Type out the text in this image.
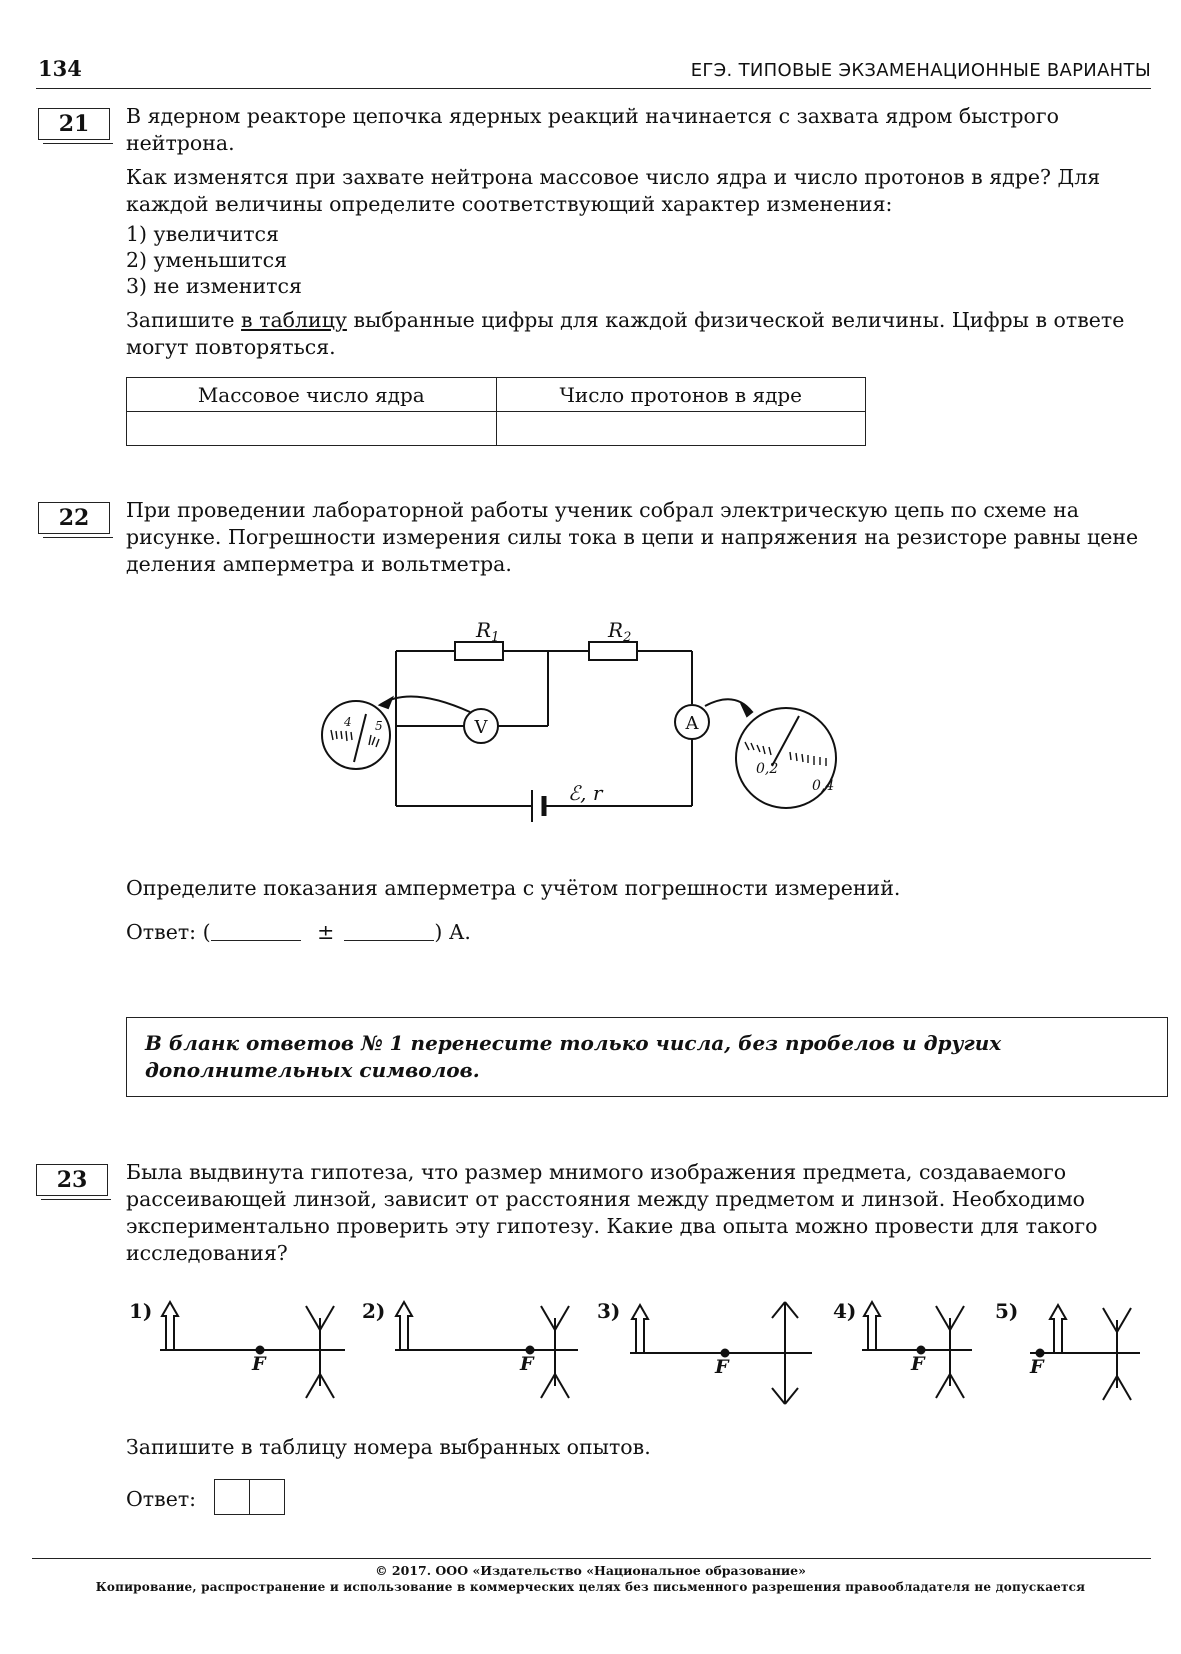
134	ЕГЭ. ТИПОВЫЕ ЭКЗАМЕНАЦИОННЫЕ ВАРИАНТЫ
21	В ядерном реакторе цепочка ядерных реакций начинается с захвата ядром быстрого нейтрона.
Как изменятся при захвате нейтрона массовое число ядра и число протонов в ядре? Для каждой величины определите соответствующий характер изменения:
1) увеличится
2) уменьшится
3) не изменится
Запишите в таблицу выбранные цифры для каждой физической величины. Цифры в ответе могут повторяться.
Массовое число ядра	Число протонов в ядре

22	При проведении лабораторной работы ученик собрал электрическую цепь по схеме на рисунке. Погрешности измерения силы тока в цепи и напряжения на резисторе равны цене деления амперметра и вольтметра.
$R_1$	$R_2$
ℰ, r
V	A
4 5
0,2
0,4
Определите показания амперметра с учётом погрешности измерений.
Ответ: (	±	) А.
В бланк ответов № 1 перенесите только числа, без пробелов и других дополнительных символов.
23	Была выдвинута гипотеза, что размер мнимого изображения предмета, создаваемого рассеивающей линзой, зависит от расстояния между предметом и линзой. Необходимо экспериментально проверить эту гипотезу. Какие два опыта можно провести для такого исследования?
1)	2)	3)	4)	5)
F	F	F	F	F
Запишите в таблицу номера выбранных опытов.
Ответ:
© 2017. ООО «Издательство «Национальное образование»
Копирование, распространение и использование в коммерческих целях без письменного разрешения правообладателя не допускается
